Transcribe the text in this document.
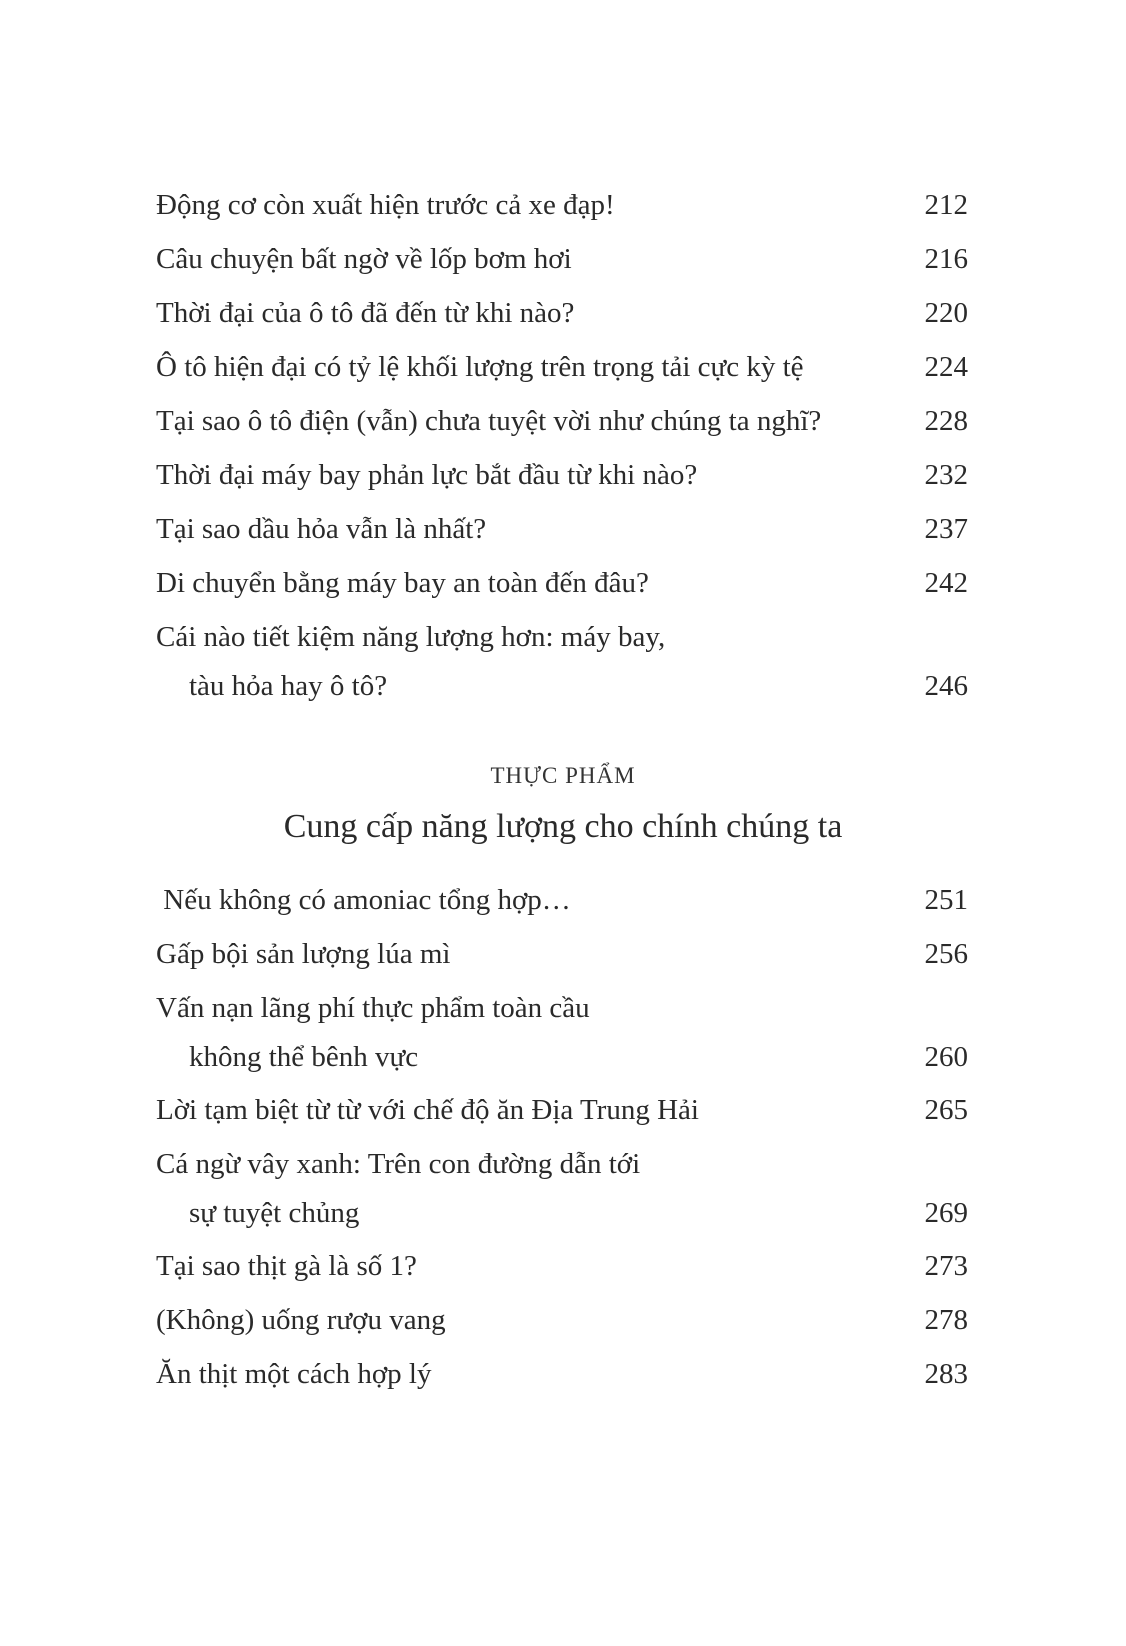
Động cơ còn xuất hiện trước cả xe đạp!	212
Câu chuyện bất ngờ về lốp bơm hơi	216
Thời đại của ô tô đã đến từ khi nào?	220
Ô tô hiện đại có tỷ lệ khối lượng trên trọng tải cực kỳ tệ	224
Tại sao ô tô điện (vẫn) chưa tuyệt vời như chúng ta nghĩ?	228
Thời đại máy bay phản lực bắt đầu từ khi nào?	232
Tại sao dầu hỏa vẫn là nhất?	237
Di chuyển bằng máy bay an toàn đến đâu?	242
Cái nào tiết kiệm năng lượng hơn: máy bay,
tàu hỏa hay ô tô?	246
THỰC PHẨM
Cung cấp năng lượng cho chính chúng ta
Nếu không có amoniac tổng hợp…	251
Gấp bội sản lượng lúa mì	256
Vấn nạn lãng phí thực phẩm toàn cầu
không thể bênh vực	260
Lời tạm biệt từ từ với chế độ ăn Địa Trung Hải	265
Cá ngừ vây xanh: Trên con đường dẫn tới
sự tuyệt chủng	269
Tại sao thịt gà là số 1?	273
(Không) uống rượu vang	278
Ăn thịt một cách hợp lý	283
